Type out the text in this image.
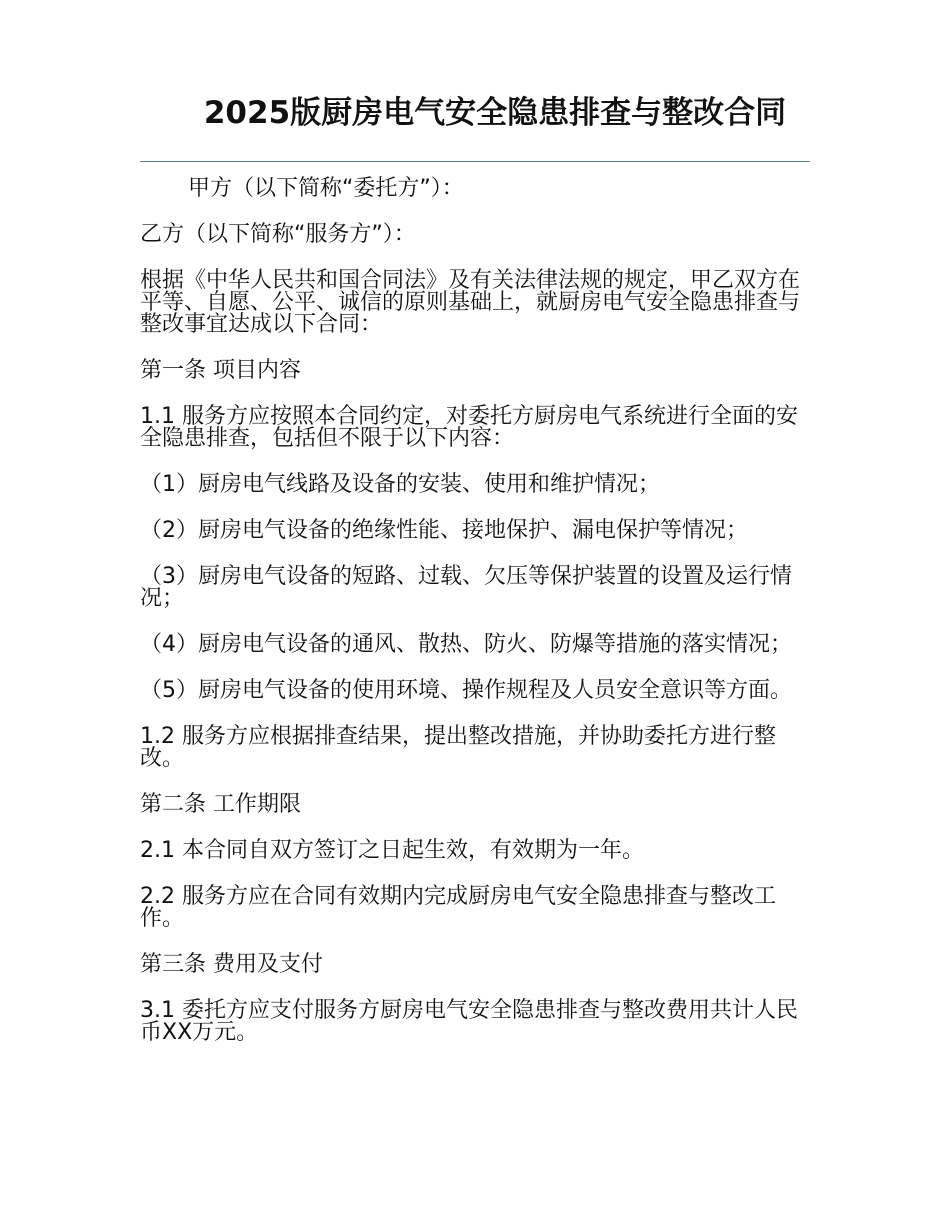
2025版厨房电气安全隐患排查与整改合同

甲方（以下简称“委托方”）：

乙方（以下简称“服务方”）：

根据《中华人民共和国合同法》及有关法律法规的规定，甲乙双方在平等、自愿、公平、诚信的原则基础上，就厨房电气安全隐患排查与整改事宜达成以下合同：

第一条 项目内容

1.1 服务方应按照本合同约定，对委托方厨房电气系统进行全面的安全隐患排查，包括但不限于以下内容：

（1）厨房电气线路及设备的安装、使用和维护情况；

（2）厨房电气设备的绝缘性能、接地保护、漏电保护等情况；

（3）厨房电气设备的短路、过载、欠压等保护装置的设置及运行情况；

（4）厨房电气设备的通风、散热、防火、防爆等措施的落实情况；

（5）厨房电气设备的使用环境、操作规程及人员安全意识等方面。

1.2 服务方应根据排查结果，提出整改措施，并协助委托方进行整改。

第二条 工作期限

2.1 本合同自双方签订之日起生效，有效期为一年。

2.2 服务方应在合同有效期内完成厨房电气安全隐患排查与整改工作。

第三条 费用及支付

3.1 委托方应支付服务方厨房电气安全隐患排查与整改费用共计人民币XX万元。
